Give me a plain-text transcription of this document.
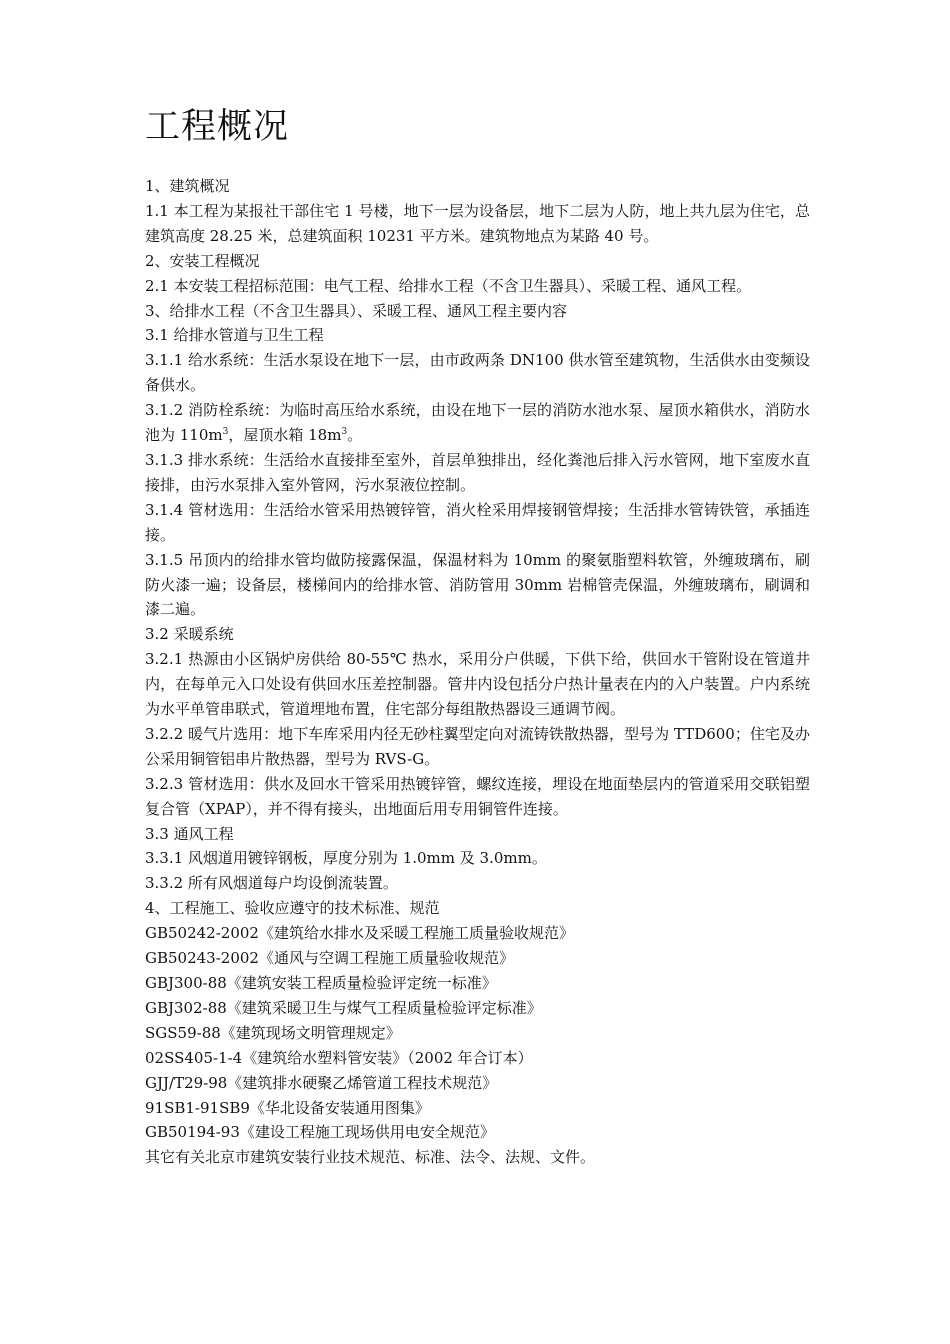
工程概况

1、建筑概况

1.1 本工程为某报社干部住宅 1 号楼，地下一层为设备层，地下二层为人防，地上共九层为住宅，总建筑高度 28.25 米，总建筑面积 10231 平方米。建筑物地点为某路 40 号。

2、安装工程概况

2.1 本安装工程招标范围：电气工程、给排水工程（不含卫生器具）、采暖工程、通风工程。

3、给排水工程（不含卫生器具）、采暖工程、通风工程主要内容

3.1 给排水管道与卫生工程

3.1.1 给水系统：生活水泵设在地下一层，由市政两条 DN100 供水管至建筑物，生活供水由变频设备供水。

3.1.2 消防栓系统：为临时高压给水系统，由设在地下一层的消防水池水泵、屋顶水箱供水，消防水池为 $110m^3$，屋顶水箱 $18m^3$。

3.1.3 排水系统：生活给水直接排至室外，首层单独排出，经化粪池后排入污水管网，地下室废水直接排，由污水泵排入室外管网，污水泵液位控制。

3.1.4 管材选用：生活给水管采用热镀锌管，消火栓采用焊接钢管焊接；生活排水管铸铁管，承插连接。

3.1.5 吊顶内的给排水管均做防接露保温，保温材料为 10mm 的聚氨脂塑料软管，外缠玻璃布，刷防火漆一遍；设备层，楼梯间内的给排水管、消防管用 30mm 岩棉管壳保温，外缠玻璃布，刷调和漆二遍。

3.2 采暖系统

3.2.1 热源由小区锅炉房供给 80-55℃ 热水，采用分户供暖，下供下给，供回水干管附设在管道井内，在每单元入口处设有供回水压差控制器。管井内设包括分户热计量表在内的入户装置。户内系统为水平单管串联式，管道埋地布置，住宅部分每组散热器设三通调节阀。

3.2.2 暖气片选用：地下车库采用内径无砂柱翼型定向对流铸铁散热器，型号为 TTD600；住宅及办公采用铜管铝串片散热器，型号为 RVS-G。

3.2.3 管材选用：供水及回水干管采用热镀锌管，螺纹连接，埋设在地面垫层内的管道采用交联铝塑复合管（XPAP），并不得有接头，出地面后用专用铜管件连接。

3.3 通风工程

3.3.1 风烟道用镀锌钢板，厚度分别为 1.0mm 及 3.0mm。

3.3.2 所有风烟道每户均设倒流装置。

4、工程施工、验收应遵守的技术标准、规范

GB50242-2002《建筑给水排水及采暖工程施工质量验收规范》

GB50243-2002《通风与空调工程施工质量验收规范》

GBJ300-88《建筑安装工程质量检验评定统一标准》

GBJ302-88《建筑采暖卫生与煤气工程质量检验评定标准》

SGS59-88《建筑现场文明管理规定》

02SS405-1-4《建筑给水塑料管安装》（2002 年合订本）

GJJ/T29-98《建筑排水硬聚乙烯管道工程技术规范》

91SB1-91SB9《华北设备安装通用图集》

GB50194-93《建设工程施工现场供用电安全规范》

其它有关北京市建筑安装行业技术规范、标准、法令、法规、文件。
